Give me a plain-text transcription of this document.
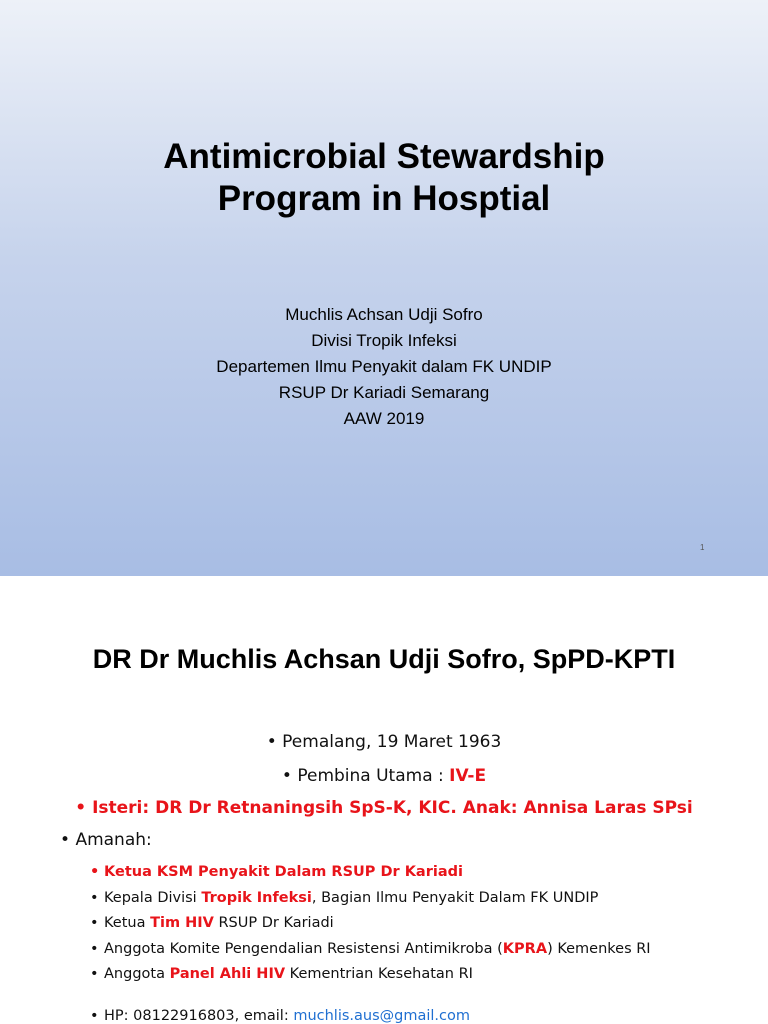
Antimicrobial Stewardship
Program in Hosptial
Muchlis Achsan Udji Sofro
Divisi Tropik Infeksi
Departemen Ilmu Penyakit dalam FK UNDIP
RSUP Dr Kariadi Semarang
AAW 2019
1
DR Dr Muchlis Achsan Udji Sofro, SpPD-KPTI
• Pemalang, 19 Maret 1963
• Pembina Utama : IV-E
• Isteri: DR Dr Retnaningsih SpS-K, KIC. Anak: Annisa Laras SPsi
• Amanah:
• Ketua KSM Penyakit Dalam RSUP Dr Kariadi
• Kepala Divisi Tropik Infeksi, Bagian Ilmu Penyakit Dalam FK UNDIP
• Ketua Tim HIV RSUP Dr Kariadi
• Anggota Komite Pengendalian Resistensi Antimikroba (KPRA) Kemenkes RI
• Anggota Panel Ahli HIV Kementrian Kesehatan RI
• HP: 08122916803, email: muchlis.aus@gmail.com
